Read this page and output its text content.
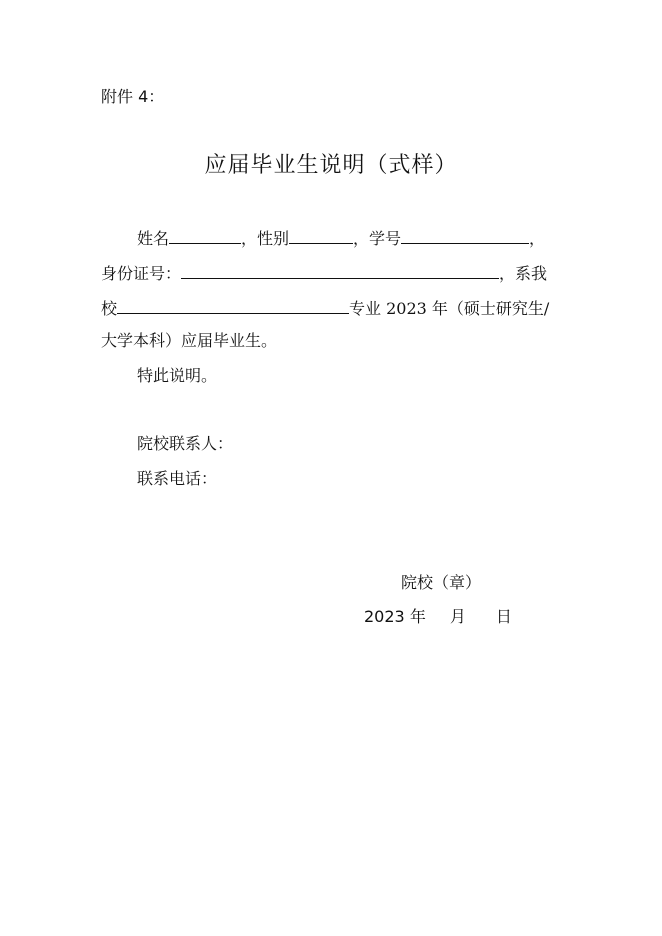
附件 4：
应届毕业生说明（式样）
姓名	，性别	，学号	，
身份证号：	，系我
校	专业 2023 年（硕士研究生/
大学本科）应届毕业生。
特此说明。
院校联系人：
联系电话：
院校（章）
2023 年 月 日
